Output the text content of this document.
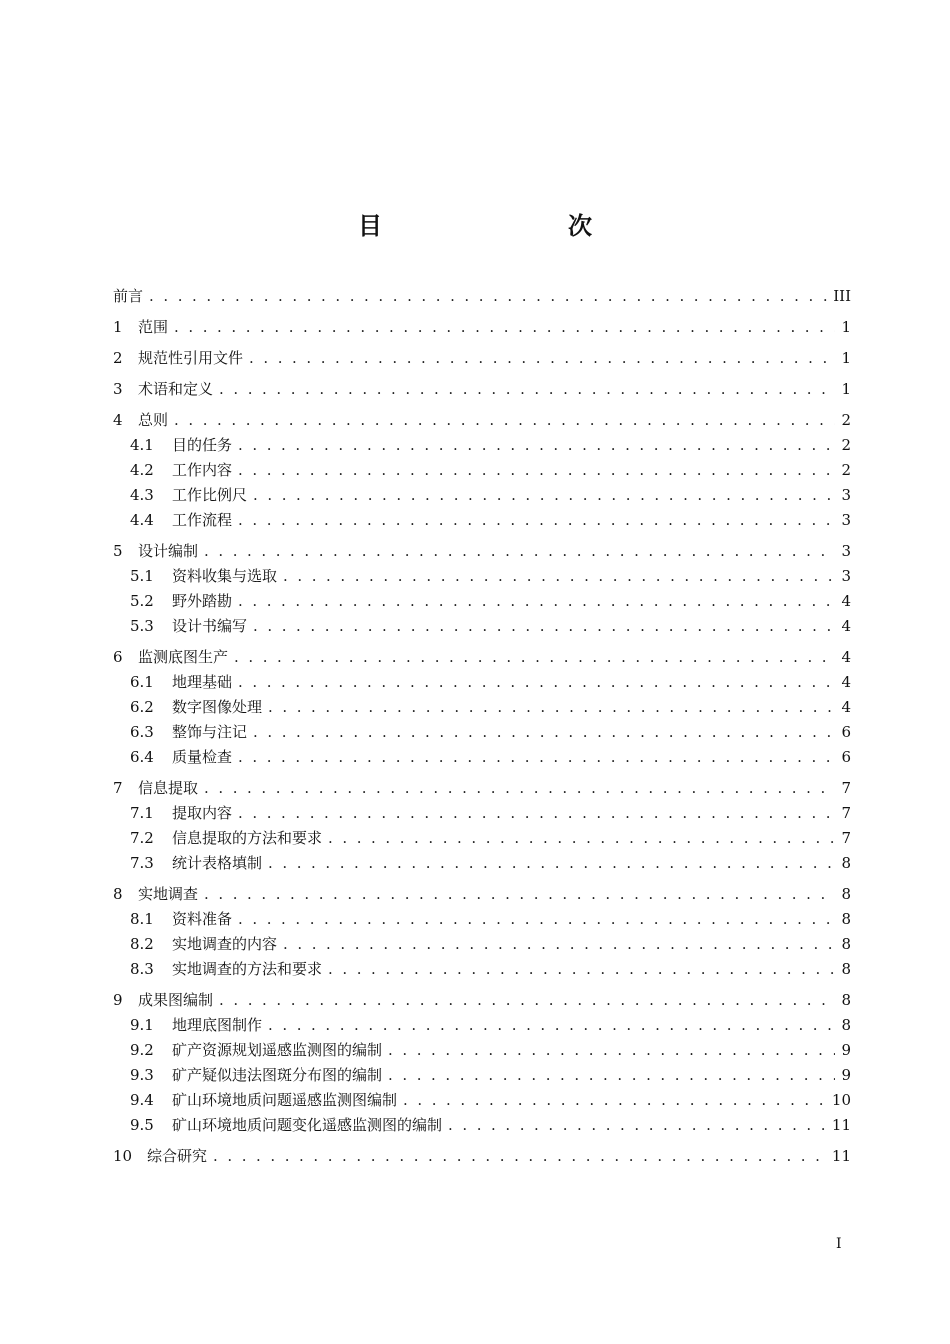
目　　次
前言 . . .	III
1	范围 . . .	1
2	规范性引用文件 . . .	1
3	术语和定义 . . .	1
4	总则 . . .	2
4.1	目的任务 . . .	2
4.2	工作内容 . . .	2
4.3	工作比例尺 . . .	3
4.4	工作流程 . . .	3
5	设计编制 . . .	3
5.1	资料收集与选取 . . .	3
5.2	野外踏勘 . . .	4
5.3	设计书编写 . . .	4
6	监测底图生产 . . .	4
6.1	地理基础 . . .	4
6.2	数字图像处理 . . .	4
6.3	整饰与注记 . . .	6
6.4	质量检查 . . .	6
7	信息提取 . . .	7
7.1	提取内容 . . .	7
7.2	信息提取的方法和要求 . . .	7
7.3	统计表格填制 . . .	8
8	实地调查 . . .	8
8.1	资料准备 . . .	8
8.2	实地调查的内容 . . .	8
8.3	实地调查的方法和要求 . . .	8
9	成果图编制 . . .	8
9.1	地理底图制作 . . .	8
9.2	矿产资源规划遥感监测图的编制 . . .	9
9.3	矿产疑似违法图斑分布图的编制 . . .	9
9.4	矿山环境地质问题遥感监测图编制 . . .	10
9.5	矿山环境地质问题变化遥感监测图的编制 . . .	11
10 综合研究 . . .	11
I
